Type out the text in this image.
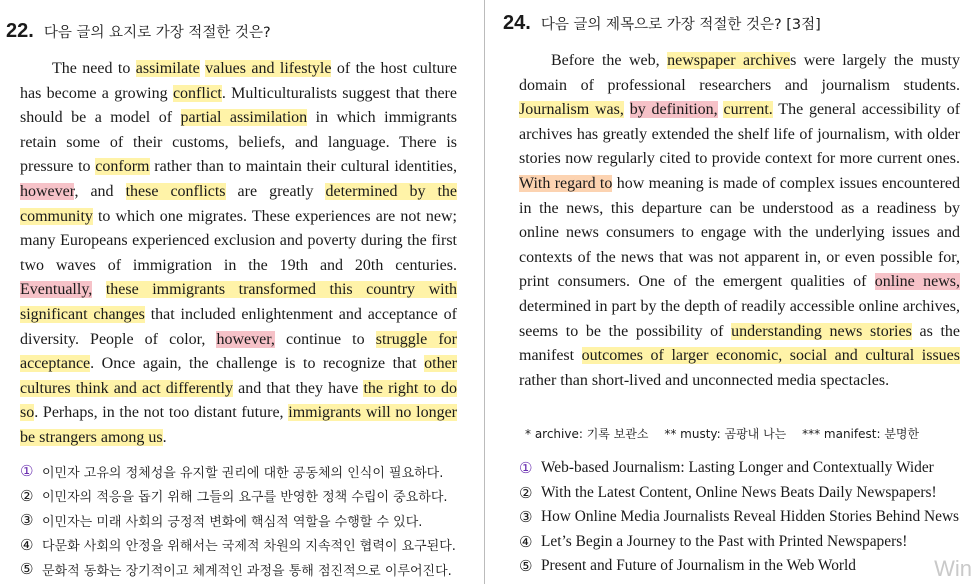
22. 다음 글의 요지로 가장 적절한 것은?

The need to assimilate values and lifestyle of the host culture has become a growing conflict. Multiculturalists suggest that there should be a model of partial assimilation in which immigrants retain some of their customs, beliefs, and language. There is pressure to conform rather than to maintain their cultural identities, however, and these conflicts are greatly determined by the community to which one migrates. These experiences are not new; many Europeans experienced exclusion and poverty during the first two waves of immigration in the 19th and 20th centuries. Eventually, these immigrants transformed this country with significant changes that included enlightenment and acceptance of diversity. People of color, however, continue to struggle for acceptance. Once again, the challenge is to recognize that other cultures think and act differently and that they have the right to do so. Perhaps, in the not too distant future, immigrants will no longer be strangers among us.

① 이민자 고유의 정체성을 유지할 권리에 대한 공동체의 인식이 필요하다.
② 이민자의 적응을 돕기 위해 그들의 요구를 반영한 정책 수립이 중요하다.
③ 이민자는 미래 사회의 긍정적 변화에 핵심적 역할을 수행할 수 있다.
④ 다문화 사회의 안정을 위해서는 국제적 차원의 지속적인 협력이 요구된다.
⑤ 문화적 동화는 장기적이고 체계적인 과정을 통해 점진적으로 이루어진다.
24. 다음 글의 제목으로 가장 적절한 것은? [3점]

Before the web, newspaper archives were largely the musty domain of professional researchers and journalism students. Journalism was, by definition, current. The general accessibility of archives has greatly extended the shelf life of journalism, with older stories now regularly cited to provide context for more current ones. With regard to how meaning is made of complex issues encountered in the news, this departure can be understood as a readiness by online news consumers to engage with the underlying issues and contexts of the news that was not apparent in, or even possible for, print consumers. One of the emergent qualities of online news, determined in part by the depth of readily accessible online archives, seems to be the possibility of understanding news stories as the manifest outcomes of larger economic, social and cultural issues rather than short-lived and unconnected media spectacles.

* archive: 기록 보관소 ** musty: 곰팡내 나는 *** manifest: 분명한
① Web-based Journalism: Lasting Longer and Contextually Wider
② With the Latest Content, Online News Beats Daily Newspapers!
③ How Online Media Journalists Reveal Hidden Stories Behind News
④ Let’s Begin a Journey to the Past with Printed Newspapers!
⑤ Present and Future of Journalism in the Web World	Win
